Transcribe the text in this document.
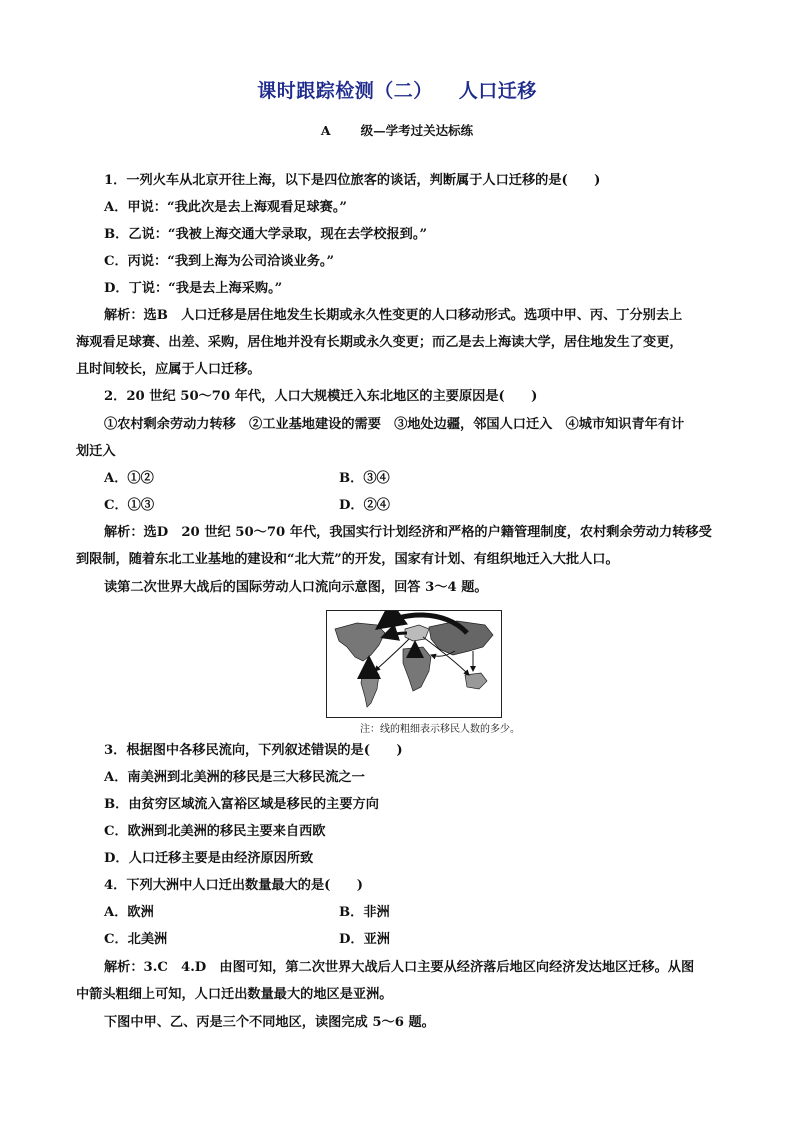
课时跟踪检测（二） 人口迁移
A 级—学考过关达标练
1．一列火车从北京开往上海，以下是四位旅客的谈话，判断属于人口迁移的是(　　)
A．甲说：“我此次是去上海观看足球赛。”
B．乙说：“我被上海交通大学录取，现在去学校报到。”
C．丙说：“我到上海为公司洽谈业务。”
D．丁说：“我是去上海采购。”
解析：选B　人口迁移是居住地发生长期或永久性变更的人口移动形式。选项中甲、丙、丁分别去上
海观看足球赛、出差、采购，居住地并没有长期或永久变更；而乙是去上海读大学，居住地发生了变更，
且时间较长，应属于人口迁移。
2．20 世纪 50～70 年代，人口大规模迁入东北地区的主要原因是(　　)
①农村剩余劳动力转移　②工业基地建设的需要　③地处边疆，邻国人口迁入　④城市知识青年有计
划迁入
A．①②	B．③④
C．①③	D．②④
解析：选D　20 世纪 50～70 年代，我国实行计划经济和严格的户籍管理制度，农村剩余劳动力转移受
到限制，随着东北工业基地的建设和“北大荒”的开发，国家有计划、有组织地迁入大批人口。
读第二次世界大战后的国际劳动人口流向示意图，回答 3～4 题。
注：线的粗细表示移民人数的多少。
3．根据图中各移民流向，下列叙述错误的是(　　)
A．南美洲到北美洲的移民是三大移民流之一
B．由贫穷区域流入富裕区域是移民的主要方向
C．欧洲到北美洲的移民主要来自西欧
D．人口迁移主要是由经济原因所致
4．下列大洲中人口迁出数量最大的是(　　)
A．欧洲	B．非洲
C．北美洲	D．亚洲
解析：3.C　4.D　由图可知，第二次世界大战后人口主要从经济落后地区向经济发达地区迁移。从图
中箭头粗细上可知，人口迁出数量最大的地区是亚洲。
下图中甲、乙、丙是三个不同地区，读图完成 5～6 题。
